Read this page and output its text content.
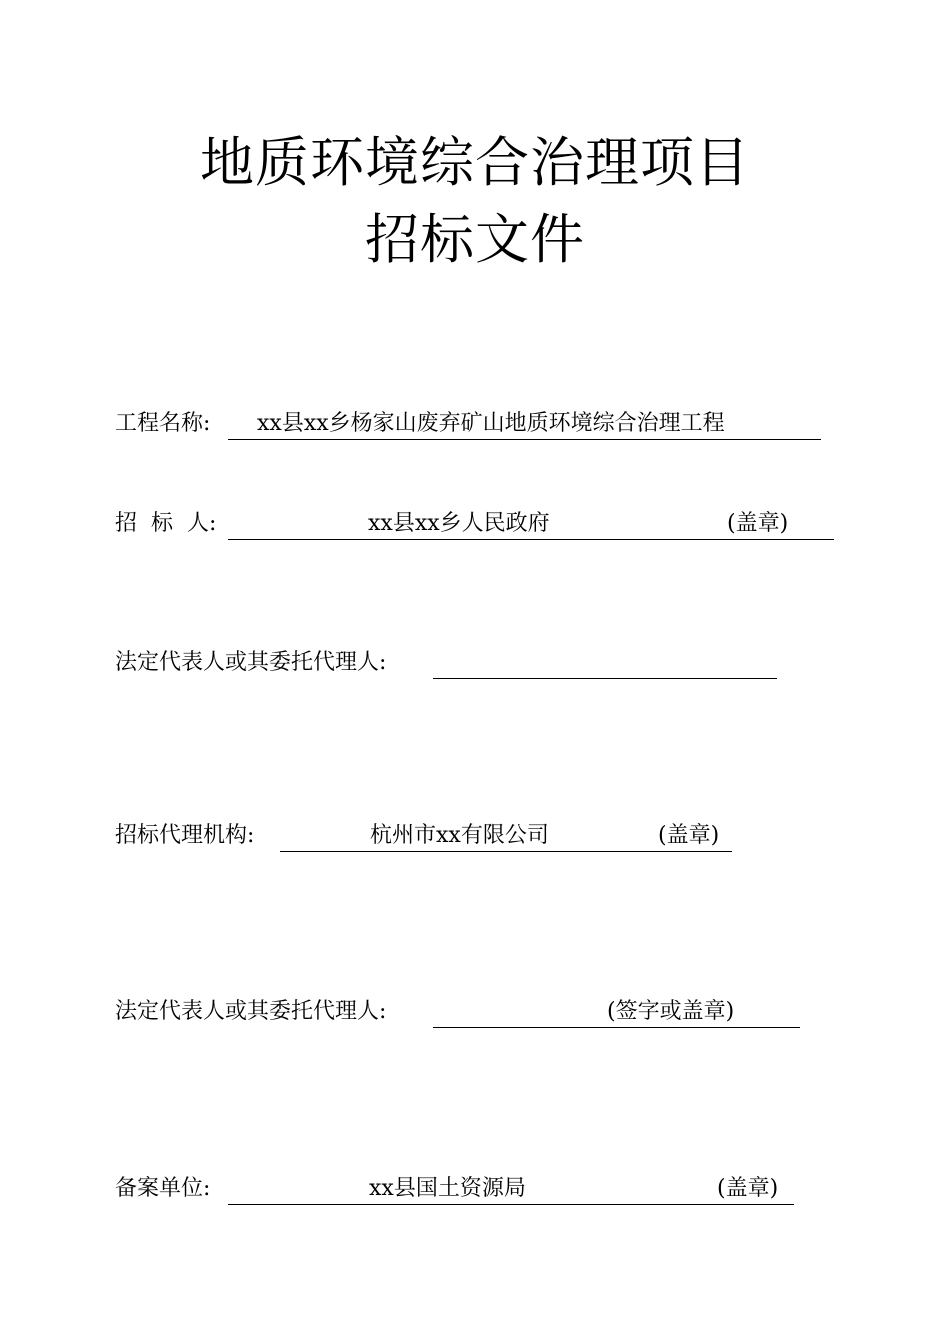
地质环境综合治理项目
招标文件
工程名称: xx县xx乡杨家山废弃矿山地质环境综合治理工程
招  标  人:	xx县xx乡人民政府	(盖章)
法定代表人或其委托代理人:
招标代理机构:	杭州市xx有限公司	(盖章)
法定代表人或其委托代理人:	(签字或盖章)
备案单位:	xx县国土资源局	(盖章)
